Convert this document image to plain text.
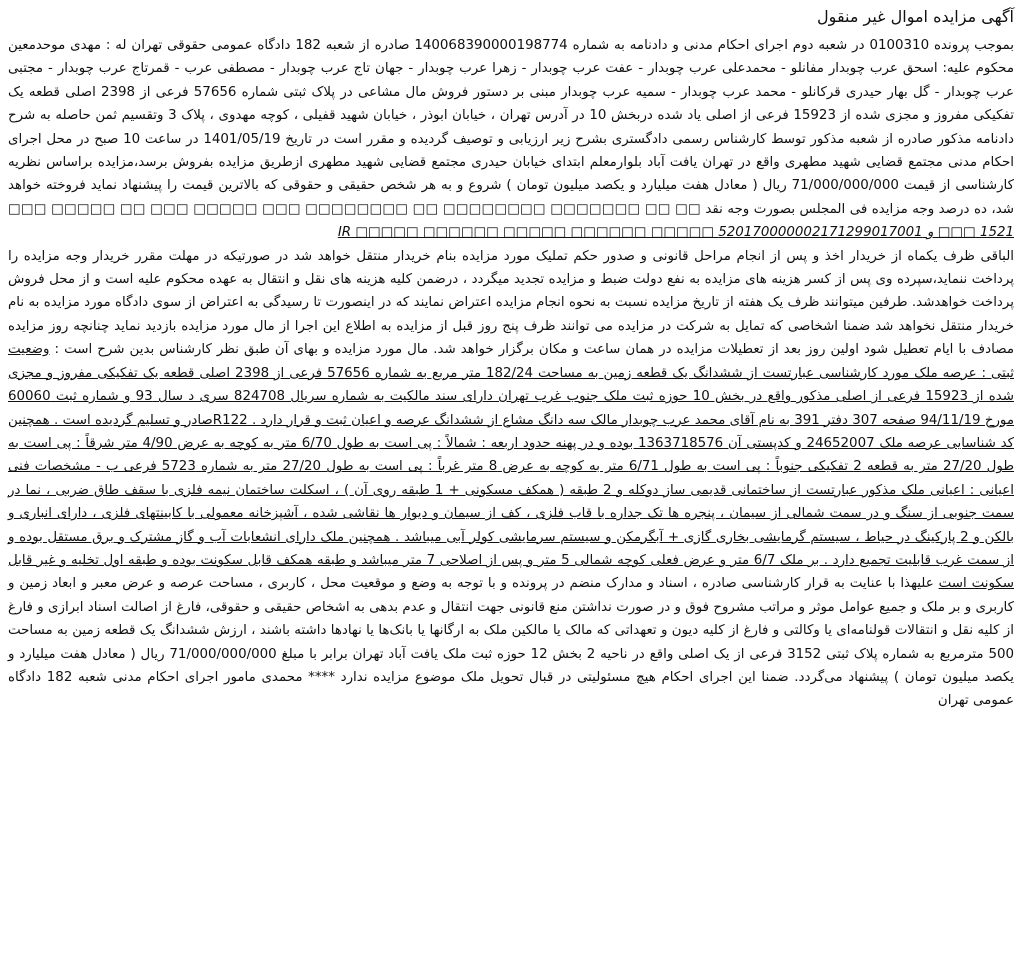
آگهی مزایده اموال غیر منقول

بموجب پرونده 0100310 در شعبه دوم اجرای احکام مدنی و دادنامه به شماره 140068390000198774 صادره از شعبه 182 دادگاه عمومی حقوقی تهران له : مهدی موحدمعین محکوم علیه: اسحق عرب چوبدار مفانلو - محمدعلی عرب چوبدار - عفت عرب چوبدار - زهرا عرب چوبدار - جهان تاج عرب چوبدار - مصطفی عرب - قمرتاج عرب چوبدار - مجتبی عرب چوبدار - گل بهار حیدری قرکانلو - محمد عرب چوبدار - سمیه عرب چوبدار مبنی بر دستور فروش مال مشاعی در پلاک ثبتی شماره 57656 فرعی از 2398 اصلی قطعه یک تفکیکی مفروز و مجزی شده از 15923 فرعی از اصلی یاد شده دربخش 10 در آدرس تهران ، خیابان ابوذر ، خیابان شهید قفیلی ، کوچه مهدوی ، پلاک 3 وتقسیم ثمن حاصله به شرح دادنامه مذکور صادره از شعبه مذکور توسط کارشناس رسمی دادگستری بشرح زیر ارزیابی و توصیف گردیده و مقرر است در تاریخ 1401/05/19 در ساعت 10 صبح در محل اجرای احکام مدنی مجتمع قضایی شهید مطهری واقع در تهران یافت آباد بلوارمعلم ابتدای خیابان حیدری مجتمع قضایی شهید مطهری ازطریق مزایده بفروش برسد،مزایده براساس نظریه کارشناسی از قیمت 71/000/000/000 ریال ( معادل هفت میلیارد و یکصد میلیون تومان ) شروع و به هر شخص حقیقی و حقوقی که بالاترین قیمت را پیشنهاد نماید فروخته خواهد شد، ده درصد وجه مزایده فی المجلس بصورت وجه نقد □□ □□ □□□□□□□ □□□□□□□□ □□ □□□□□□□□ □□□ □□□□□ □□□ □□ □□□□□ □□□ 1521 □□□ و IR □□□□□ □□□□□□ □□□□□ □□□□□□ □□□□□ 520170000002171299017001

الباقی ظرف یکماه از خریدار اخذ و پس از انجام مراحل قانونی و صدور حکم تملیک مورد مزایده بنام خریدار منتقل خواهد شد در صورتیکه در مهلت مقرر خریدار وجه مزایده را پرداخت ننماید،سپرده وی پس از کسر هزینه های مزایده به نفع دولت ضبط و مزایده تجدید میگردد ، درضمن کلیه هزینه های نقل و انتقال به عهده محکوم علیه است و از محل فروش پرداخت خواهدشد. طرفین میتوانند ظرف یک هفته از تاریخ مزایده نسبت به نحوه انجام مزایده اعتراض نمایند که در اینصورت تا رسیدگی به اعتراض از سوی دادگاه مورد مزایده به نام خریدار منتقل نخواهد شد ضمنا اشخاصی که تمایل به شرکت در مزایده می توانند ظرف پنج روز قبل از مزایده به اطلاع این اجرا از مال مورد مزایده بازدید نماید چنانچه روز مزایده مصادف با ایام تعطیل شود اولین روز بعد از تعطیلات مزایده در همان ساعت و مکان برگزار خواهد شد. مال مورد مزایده و بهای آن طبق نظر کارشناس بدین شرح است : وضعیت ثبتی : عرصه ملک مورد کارشناسی عبارتست از ششدانگ یک قطعه زمین به مساحت 182/24 متر مربع به شماره 57656 فرعی از 2398 اصلی قطعه یک تفکیکی مفروز و مجزی شده از 15923 فرعی از اصلی مذکور واقع در بخش 10 حوزه ثبت ملک جنوب غرب تهران دارای سند مالکیت به شماره سریال 824708 سری د سال 93 و شماره ثبت 60060 مورخ 94/11/19 صفحه 307 دفتر 391 به نام آقای محمد عرب چوبدار مالک سه دانگ مشاع از ششدانگ عرصه و اعیان ثبت و قرار دارد . R122صادر و تسلیم گردیده است . همچنین کد شناسایی عرصه ملک 24652007 و کدپستی آن 1363718576 بوده و در پهنه حدود اربعه : شمالاً : پی است به طول 6/70 متر به کوچه به عرض 4/90 متر شرقاً : پی است به طول 27/20 متر به قطعه 2 تفکیکی جنوباً : پی است به طول 6/71 متر به کوچه به عرض 8 متر غرباً : پی است به طول 27/20 متر به شماره 5723 فرعی ب - مشخصات فنی اعیانی : اعیانی ملک مذکور عبارتست از ساختمانی قدیمی ساز دوکله و 2 طبقه ( همکف مسکونی + 1 طبقه روی آن ) ، اسکلت ساختمان نیمه فلزی با سقف طاق ضربی ، نما در سمت جنوبی از سنگ و در سمت شمالی از سیمان ، پنجره ها تک جداره با قاب فلزی ، کف از سیمان و دیوار ها نقاشی شده ، آشپزخانه معمولی با کابینتهای فلزی ، دارای انباری و بالکن و 2 پارکینگ در حیاط ، سیستم گرمایشی بخاری گازی + آبگرمکن و سیستم سرمایشی کولر آبی میباشد . همچنین ملک دارای انشعابات آب و گاز مشترک و برق مستقل بوده و از سمت غرب قابلیت تجمیع دارد . بر ملک 6/7 متر و عرض فعلی کوچه شمالی 5 متر و پس از اصلاحی 7 متر میباشد و طبقه همکف قابل سکونت بوده و طبقه اول تخلیه و غیر قابل سکونت است علیهذا با عنایت به قرار کارشناسی صادره ، اسناد و مدارک منضم در پرونده و با توجه به وضع و موقعیت محل ، کاربری ، مساحت عرصه و عرض معبر و ابعاد زمین و کاربری و بر ملک و جمیع عوامل موثر و مراتب مشروح فوق و در صورت نداشتن منع قانونی جهت انتقال و عدم بدهی به اشخاص حقیقی و حقوقی، فارغ از اصالت اسناد ابرازی و فارغ از کلیه نقل و انتقالات قولنامه‌ای یا وکالتی و فارغ از کلیه دیون و تعهداتی که مالک یا مالکین ملک به ارگانها یا بانک‌ها یا نهادها داشته باشند ، ارزش ششدانگ یک قطعه زمین به مساحت 500 مترمربع به شماره پلاک ثبتی 3152 فرعی از یک اصلی واقع در ناحیه 2 بخش 12 حوزه ثبت ملک یافت آباد تهران برابر با مبلغ 71/000/000/000 ریال ( معادل هفت میلیارد و یکصد میلیون تومان ) پیشنهاد می‌گردد. ضمنا این اجرای احکام هیچ مسئولیتی در قبال تحویل ملک موضوع مزایده ندارد **** محمدی مامور اجرای احکام مدنی شعبه 182 دادگاه عمومی تهران
